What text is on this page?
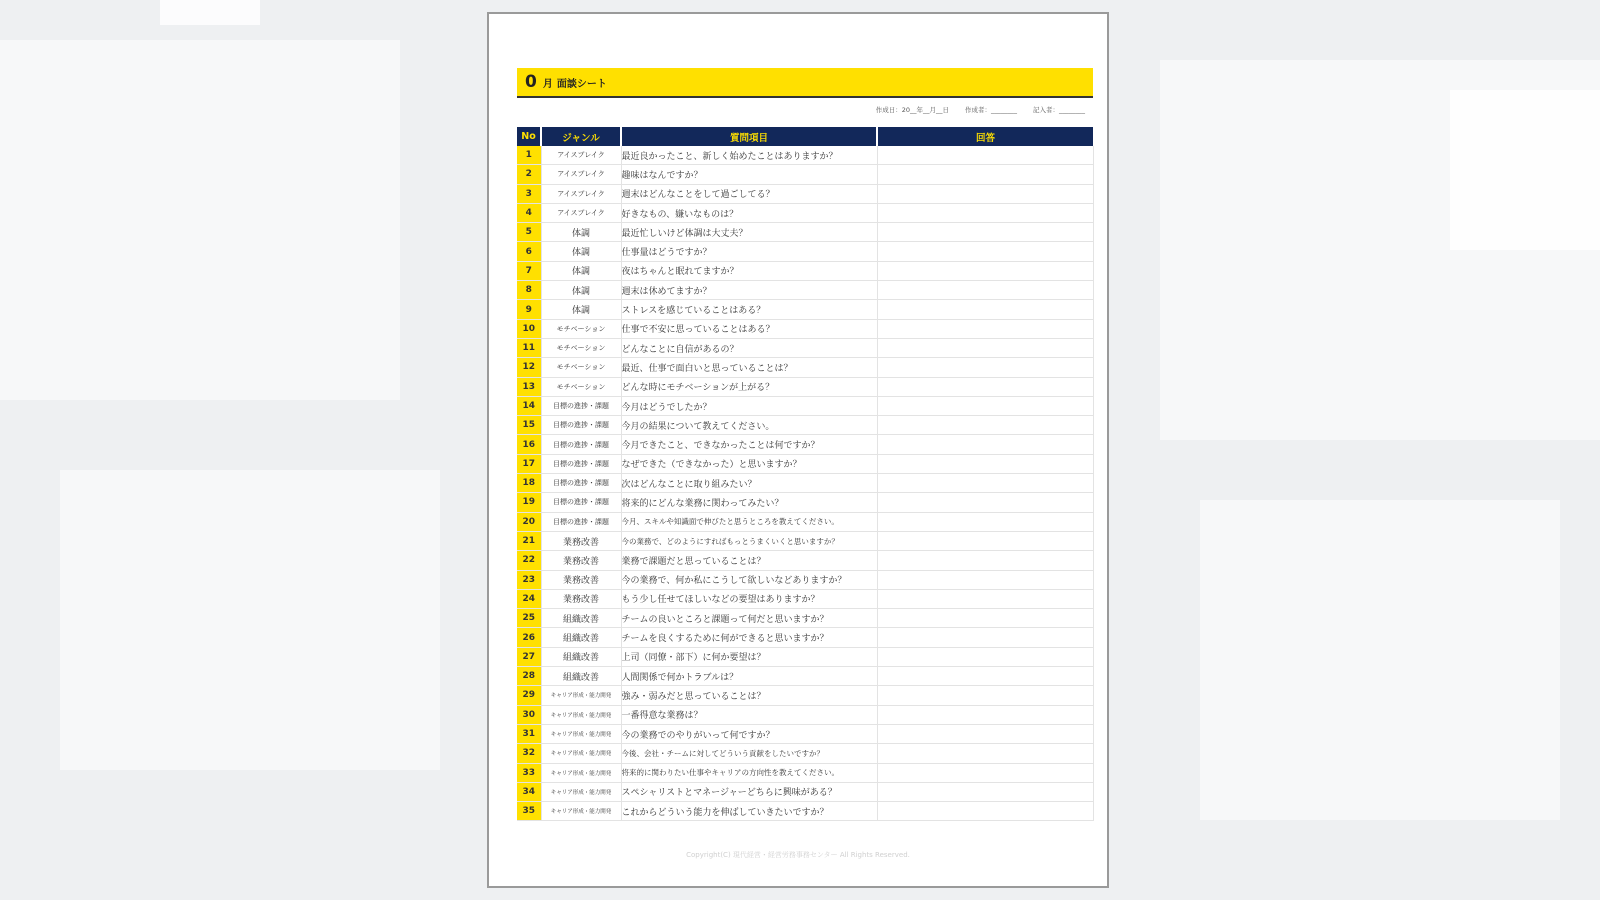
0 月 面談シート
作成日：20__年__月__日 作成者：________ 記入者：________
No	ジャンル	質問項目	回答
1	アイスブレイク	最近良かったこと、新しく始めたことはありますか？	
2	アイスブレイク	趣味はなんですか？	
3	アイスブレイク	週末はどんなことをして過ごしてる？	
4	アイスブレイク	好きなもの、嫌いなものは？	
5	体調	最近忙しいけど体調は大丈夫？	
6	体調	仕事量はどうですか？	
7	体調	夜はちゃんと眠れてますか？	
8	体調	週末は休めてますか？	
9	体調	ストレスを感じていることはある？	
10	モチベーション	仕事で不安に思っていることはある？	
11	モチベーション	どんなことに自信があるの？	
12	モチベーション	最近、仕事で面白いと思っていることは？	
13	モチベーション	どんな時にモチベーションが上がる？	
14	目標の進捗・課題	今月はどうでしたか？	
15	目標の進捗・課題	今月の結果について教えてください。	
16	目標の進捗・課題	今月できたこと、できなかったことは何ですか？	
17	目標の進捗・課題	なぜできた（できなかった）と思いますか？	
18	目標の進捗・課題	次はどんなことに取り組みたい？	
19	目標の進捗・課題	将来的にどんな業務に関わってみたい？	
20	目標の進捗・課題	今月、スキルや知識面で伸びたと思うところを教えてください。	
21	業務改善	今の業務で、どのようにすればもっとうまくいくと思いますか？	
22	業務改善	業務で課題だと思っていることは？	
23	業務改善	今の業務で、何か私にこうして欲しいなどありますか？	
24	業務改善	もう少し任せてほしいなどの要望はありますか？	
25	組織改善	チームの良いところと課題って何だと思いますか？	
26	組織改善	チームを良くするために何ができると思いますか？	
27	組織改善	上司（同僚・部下）に何か要望は？	
28	組織改善	人間関係で何かトラブルは？	
29	キャリア形成・能力開発	強み・弱みだと思っていることは？	
30	キャリア形成・能力開発	一番得意な業務は？	
31	キャリア形成・能力開発	今の業務でのやりがいって何ですか？	
32	キャリア形成・能力開発	今後、会社・チームに対してどういう貢献をしたいですか？	
33	キャリア形成・能力開発	将来的に関わりたい仕事やキャリアの方向性を教えてください。	
34	キャリア形成・能力開発	スペシャリストとマネージャーどちらに興味がある？	
35	キャリア形成・能力開発	これからどういう能力を伸ばしていきたいですか？	
Copyright(C) 現代経営・経営労務事務センター All Rights Reserved.
